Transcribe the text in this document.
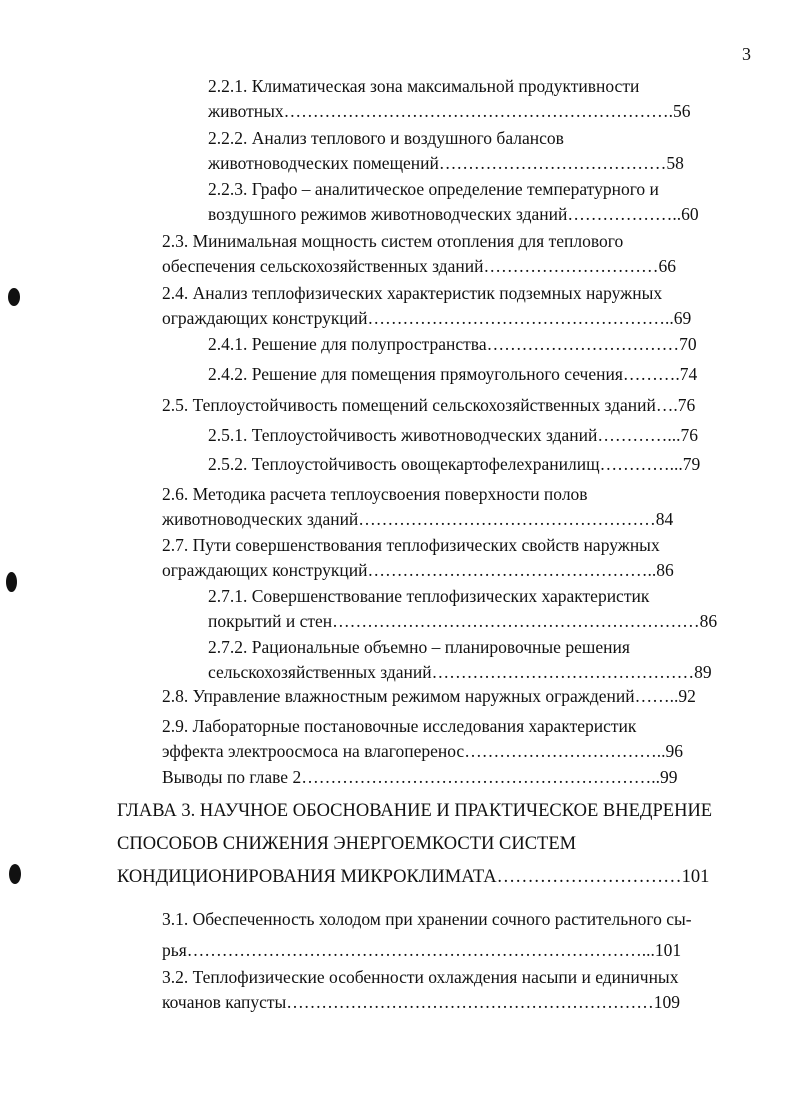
3
2.2.1. Климатическая зона максимальной продуктивности
животных………………………………………………………….56
2.2.2. Анализ теплового и воздушного балансов
животноводческих помещений…………………………………58
2.2.3. Графо – аналитическое определение температурного и
воздушного режимов животноводческих зданий………………..60
2.3. Минимальная мощность систем отопления для теплового
обеспечения сельскохозяйственных зданий…………………………66
2.4. Анализ теплофизических характеристик подземных наружных
ограждающих конструкций……………………………………………..69
2.4.1. Решение для полупространства……………………………70
2.4.2. Решение для помещения прямоугольного сечения……….74
2.5. Теплоустойчивость помещений сельскохозяйственных зданий….76
2.5.1. Теплоустойчивость животноводческих зданий…………...76
2.5.2. Теплоустойчивость овощекартофелехранилищ…………...79
2.6. Методика расчета теплоусвоения поверхности полов
животноводческих зданий……………………………………………84
2.7. Пути совершенствования теплофизических свойств наружных
ограждающих конструкций…………………………………………..86
2.7.1. Совершенствование теплофизических характеристик
покрытий и стен………………………………………………………86
2.7.2. Рациональные объемно – планировочные решения
сельскохозяйственных зданий………………………………………89
2.8. Управление влажностным режимом наружных ограждений……..92
2.9. Лабораторные постановочные исследования характеристик
эффекта электроосмоса на влагоперенос……………………………..96
Выводы по главе 2……………………………………………………..99
ГЛАВА 3. НАУЧНОЕ ОБОСНОВАНИЕ И ПРАКТИЧЕСКОЕ ВНЕДРЕНИЕ
СПОСОБОВ СНИЖЕНИЯ ЭНЕРГОЕМКОСТИ СИСТЕМ
КОНДИЦИОНИРОВАНИЯ МИКРОКЛИМАТА…………………………101
3.1. Обеспеченность холодом при хранении сочного растительного сы-
рья……………………………………………………………………...101
3.2. Теплофизические особенности охлаждения насыпи и единичных
кочанов капусты………………………………………………………109
